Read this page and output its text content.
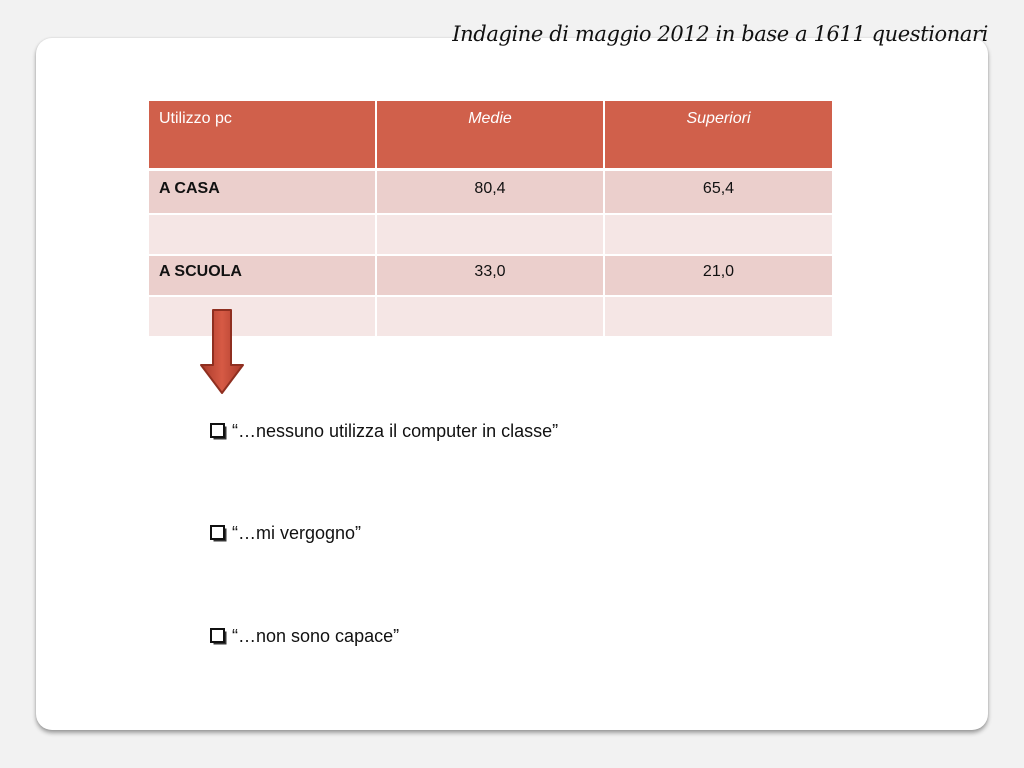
Indagine di maggio 2012 in base a 1611 questionari
Utilizzo pc	Medie	Superiori
A CASA	80,4	65,4

A SCUOLA	33,0	21,0

“…nessuno utilizza il computer in classe”
“…mi vergogno”
“…non sono capace”
